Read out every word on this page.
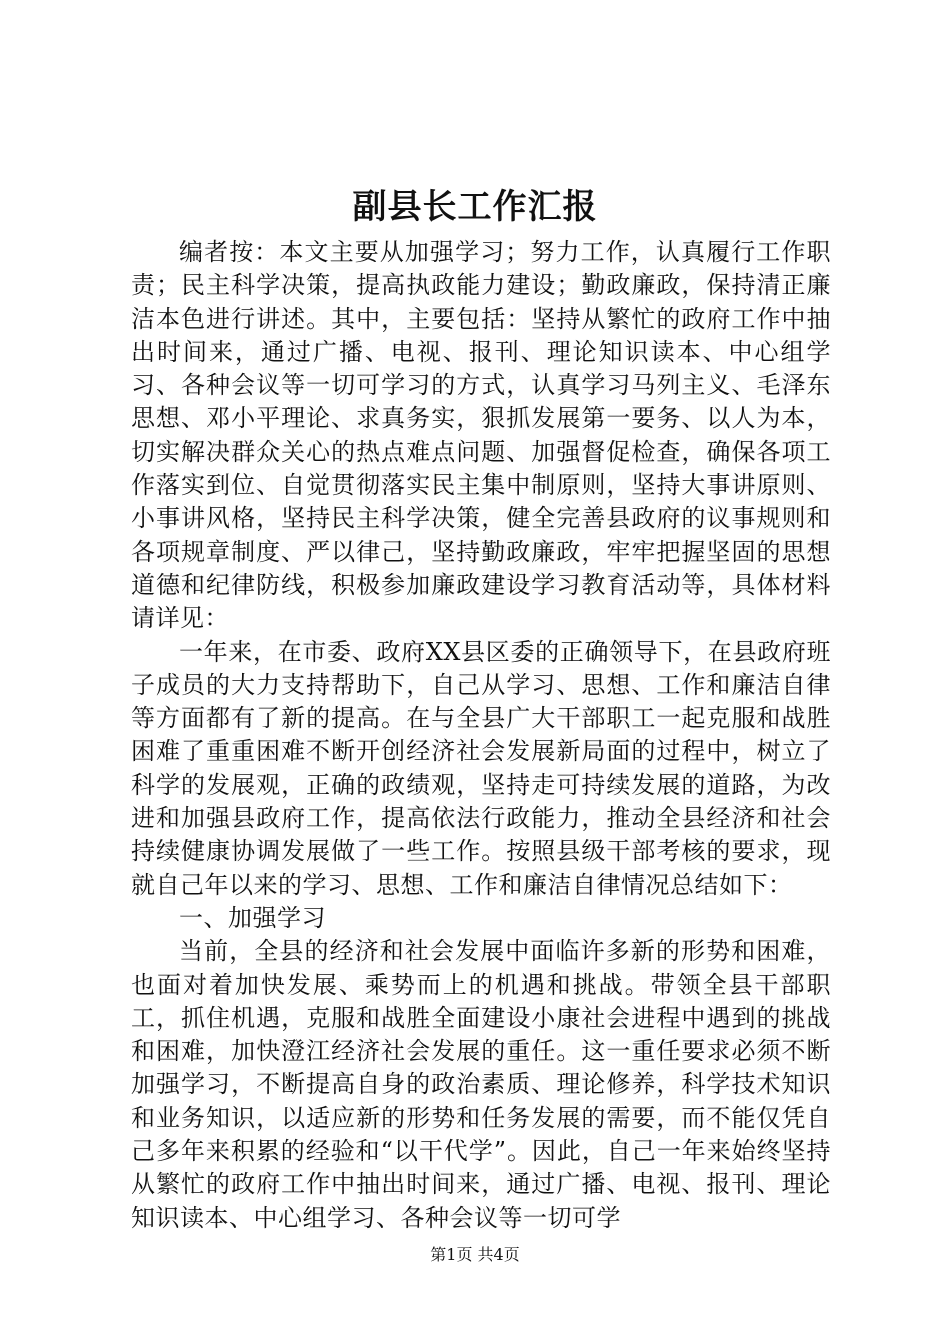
副县长工作汇报

编者按：本文主要从加强学习；努力工作，认真履行工作职责；民主科学决策，提高执政能力建设；勤政廉政，保持清正廉洁本色进行讲述。其中，主要包括：坚持从繁忙的政府工作中抽出时间来，通过广播、电视、报刊、理论知识读本、中心组学习、各种会议等一切可学习的方式，认真学习马列主义、毛泽东思想、邓小平理论、求真务实，狠抓发展第一要务、以人为本，切实解决群众关心的热点难点问题、加强督促检查，确保各项工作落实到位、自觉贯彻落实民主集中制原则，坚持大事讲原则、小事讲风格，坚持民主科学决策，健全完善县政府的议事规则和各项规章制度、严以律己，坚持勤政廉政，牢牢把握坚固的思想道德和纪律防线，积极参加廉政建设学习教育活动等，具体材料请详见：

一年来，在市委、政府XX县区委的正确领导下，在县政府班子成员的大力支持帮助下，自己从学习、思想、工作和廉洁自律等方面都有了新的提高。在与全县广大干部职工一起克服和战胜困难了重重困难不断开创经济社会发展新局面的过程中，树立了科学的发展观，正确的政绩观，坚持走可持续发展的道路，为改进和加强县政府工作，提高依法行政能力，推动全县经济和社会持续健康协调发展做了一些工作。按照县级干部考核的要求，现就自己年以来的学习、思想、工作和廉洁自律情况总结如下：

一、加强学习

当前，全县的经济和社会发展中面临许多新的形势和困难，也面对着加快发展、乘势而上的机遇和挑战。带领全县干部职工，抓住机遇，克服和战胜全面建设小康社会进程中遇到的挑战和困难，加快澄江经济社会发展的重任。这一重任要求必须不断加强学习，不断提高自身的政治素质、理论修养，科学技术知识和业务知识，以适应新的形势和任务发展的需要，而不能仅凭自己多年来积累的经验和“以干代学”。因此，自己一年来始终坚持从繁忙的政府工作中抽出时间来，通过广播、电视、报刊、理论知识读本、中心组学习、各种会议等一切可学

第1页 共4页
